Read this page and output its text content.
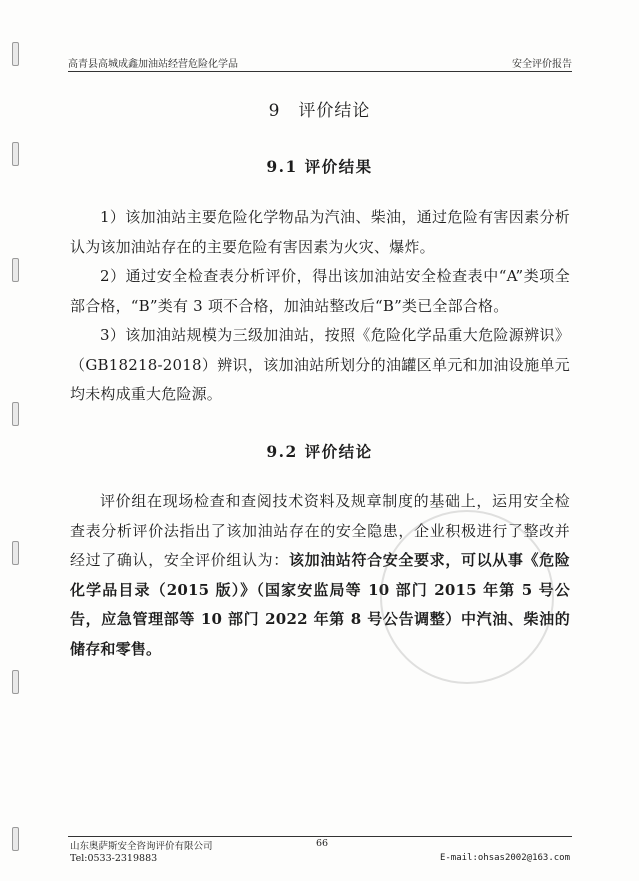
高青县高城成鑫加油站经营危险化学品	安全评价报告
9 评价结论
9.1 评价结果

1）该加油站主要危险化学物品为汽油、柴油，通过危险有害因素分析认为该加油站存在的主要危险有害因素为火灾、爆炸。

2）通过安全检查表分析评价，得出该加油站安全检查表中“A”类项全部合格，“B”类有 3 项不合格，加油站整改后“B”类已全部合格。

3）该加油站规模为三级加油站，按照《危险化学品重大危险源辨识》（GB18218-2018）辨识，该加油站所划分的油罐区单元和加油设施单元均未构成重大危险源。

9.2 评价结论

评价组在现场检查和查阅技术资料及规章制度的基础上，运用安全检查表分析评价法指出了该加油站存在的安全隐患，企业积极进行了整改并经过了确认，安全评价组认为：该加油站符合安全要求，可以从事《危险化学品目录（2015 版）》（国家安监局等 10 部门 2015 年第 5 号公告，应急管理部等 10 部门 2022 年第 8 号公告调整）中汽油、柴油的储存和零售。

山东奥萨斯安全咨询评价有限公司	66
Tel:0533-2319883	E-mail:ohsas2002@163.com
